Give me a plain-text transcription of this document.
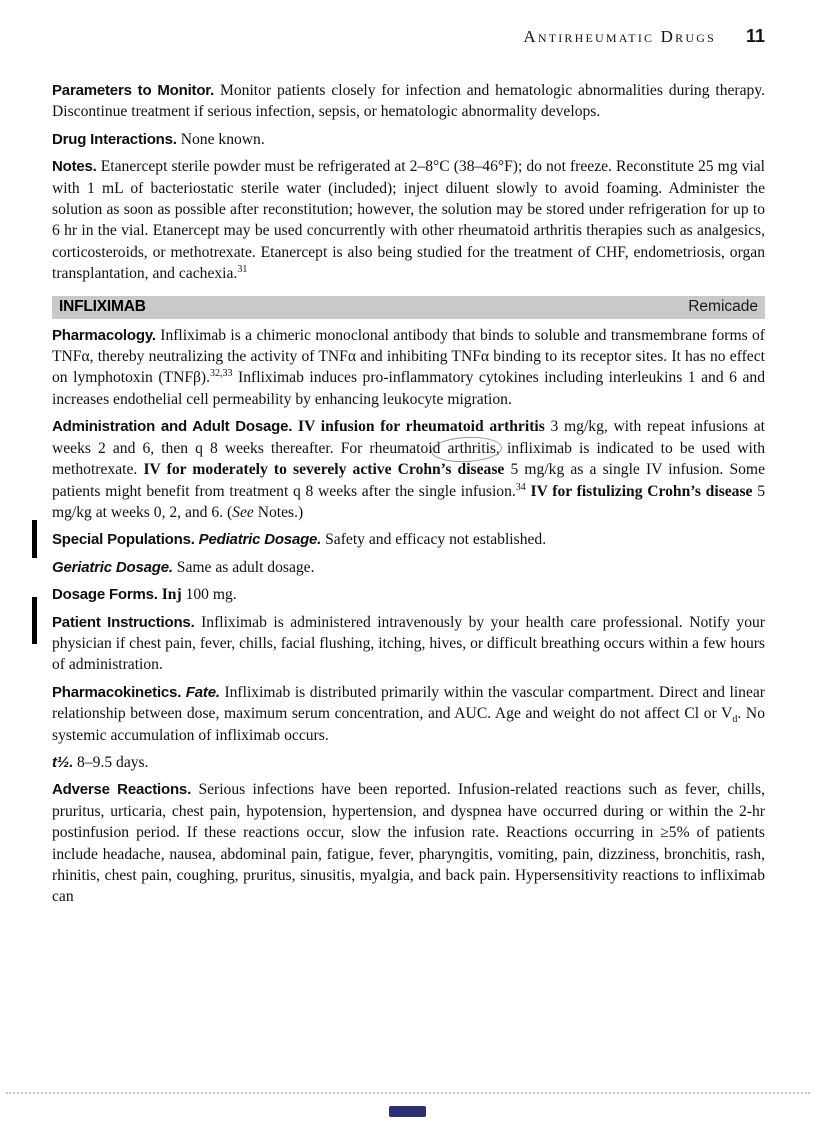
Antirheumatic Drugs 11

Parameters to Monitor. Monitor patients closely for infection and hematologic abnormalities during therapy. Discontinue treatment if serious infection, sepsis, or hematologic abnormality develops.

Drug Interactions. None known.

Notes. Etanercept sterile powder must be refrigerated at 2–8°C (38–46°F); do not freeze. Reconstitute 25 mg vial with 1 mL of bacteriostatic sterile water (included); inject diluent slowly to avoid foaming. Administer the solution as soon as possible after reconstitution; however, the solution may be stored under refrigeration for up to 6 hr in the vial. Etanercept may be used concurrently with other rheumatoid arthritis therapies such as analgesics, corticosteroids, or methotrexate. Etanercept is also being studied for the treatment of CHF, endometriosis, organ transplantation, and cachexia.$^{31}$

INFLIXIMAB	Remicade

Pharmacology. Infliximab is a chimeric monoclonal antibody that binds to soluble and transmembrane forms of TNFα, thereby neutralizing the activity of TNFα and inhibiting TNFα binding to its receptor sites. It has no effect on lymphotoxin (TNFβ).$^{32,33}$ Infliximab induces pro-inflammatory cytokines including interleukins 1 and 6 and increases endothelial cell permeability by enhancing leukocyte migration.

Administration and Adult Dosage. IV infusion for rheumatoid arthritis 3 mg/kg, with repeat infusions at weeks 2 and 6, then q 8 weeks thereafter. For rheumatoid arthritis, infliximab is indicated to be used with methotrexate. IV for moderately to severely active Crohn’s disease 5 mg/kg as a single IV infusion. Some patients might benefit from treatment q 8 weeks after the single infusion.$^{34}$ IV for fistulizing Crohn’s disease 5 mg/kg at weeks 0, 2, and 6. (See Notes.)

Special Populations. Pediatric Dosage. Safety and efficacy not established.

Geriatric Dosage. Same as adult dosage.

Dosage Forms. Inj 100 mg.

Patient Instructions. Infliximab is administered intravenously by your health care professional. Notify your physician if chest pain, fever, chills, facial flushing, itching, hives, or difficult breathing occurs within a few hours of administration.

Pharmacokinetics. Fate. Infliximab is distributed primarily within the vascular compartment. Direct and linear relationship between dose, maximum serum concentration, and AUC. Age and weight do not affect Cl or $V_d$. No systemic accumulation of infliximab occurs.

t½. 8–9.5 days.

Adverse Reactions. Serious infections have been reported. Infusion-related reactions such as fever, chills, pruritus, urticaria, chest pain, hypotension, hypertension, and dyspnea have occurred during or within the 2-hr postinfusion period. If these reactions occur, slow the infusion rate. Reactions occurring in ≥5% of patients include headache, nausea, abdominal pain, fatigue, fever, pharyngitis, vomiting, pain, dizziness, bronchitis, rash, rhinitis, chest pain, coughing, pruritus, sinusitis, myalgia, and back pain. Hypersensitivity reactions to infliximab can
